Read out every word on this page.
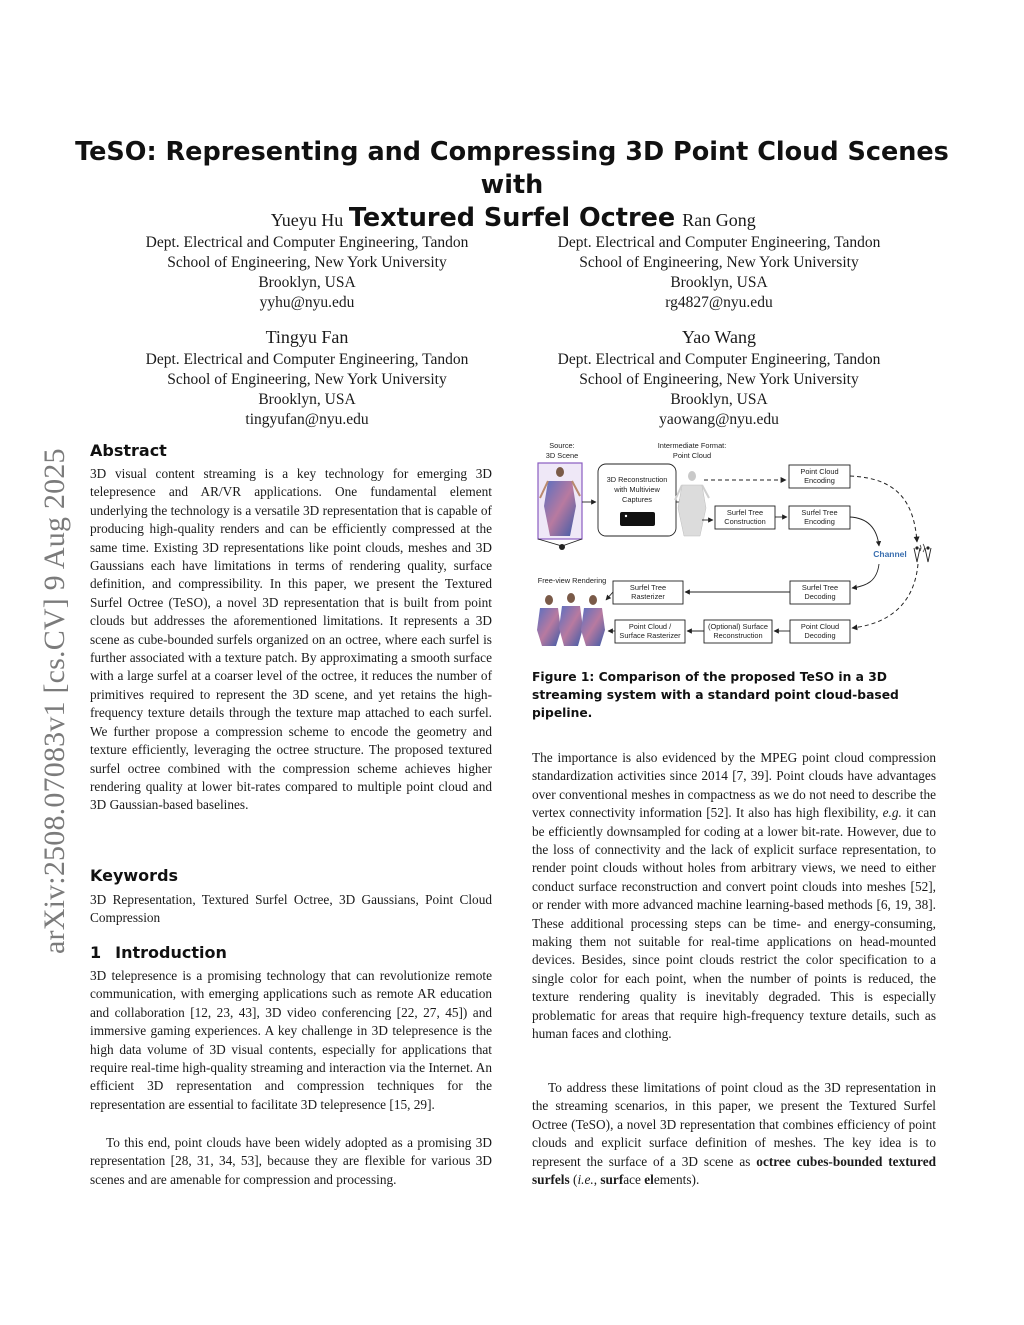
arXiv:2508.07083v1 [cs.CV] 9 Aug 2025
TeSO: Representing and Compressing 3D Point Cloud Scenes with
Textured Surfel Octree
Yueyu Hu
Dept. Electrical and Computer Engineering, Tandon
School of Engineering, New York University
Brooklyn, USA
yyhu@nyu.edu
Ran Gong
Dept. Electrical and Computer Engineering, Tandon
School of Engineering, New York University
Brooklyn, USA
rg4827@nyu.edu
Tingyu Fan
Dept. Electrical and Computer Engineering, Tandon
School of Engineering, New York University
Brooklyn, USA
tingyufan@nyu.edu
Yao Wang
Dept. Electrical and Computer Engineering, Tandon
School of Engineering, New York University
Brooklyn, USA
yaowang@nyu.edu
Abstract
3D visual content streaming is a key technology for emerging 3D telepresence and AR/VR applications. One fundamental element underlying the technology is a versatile 3D representation that is capable of producing high-quality renders and can be efficiently compressed at the same time. Existing 3D representations like point clouds, meshes and 3D Gaussians each have limitations in terms of rendering quality, surface definition, and compressibility. In this paper, we present the Textured Surfel Octree (TeSO), a novel 3D representation that is built from point clouds but addresses the aforementioned limitations. It represents a 3D scene as cube-bounded surfels organized on an octree, where each surfel is further associated with a texture patch. By approximating a smooth surface with a large surfel at a coarser level of the octree, it reduces the number of primitives required to represent the 3D scene, and yet retains the high-frequency texture details through the texture map attached to each surfel. We further propose a compression scheme to encode the geometry and texture efficiently, leveraging the octree structure. The proposed textured surfel octree combined with the compression scheme achieves higher rendering quality at lower bit-rates compared to multiple point cloud and 3D Gaussian-based baselines.
Keywords
3D Representation, Textured Surfel Octree, 3D Gaussians, Point Cloud Compression
1 Introduction
3D telepresence is a promising technology that can revolutionize remote communication, with emerging applications such as remote AR education and collaboration [12, 23, 43], 3D video conferencing [22, 27, 45]) and immersive gaming experiences. A key challenge in 3D telepresence is the high data volume of 3D visual contents, especially for applications that require real-time high-quality streaming and interaction via the Internet. An efficient 3D representation and compression techniques for the representation are essential to facilitate 3D telepresence [15, 29].
To this end, point clouds have been widely adopted as a promising 3D representation [28, 31, 34, 53], because they are flexible for various 3D scenes and are amenable for compression and processing.
Source:
3D Scene
Intermediate Format:
Point Cloud
3D Reconstruction
with Multiview
Captures
Point Cloud
Encoding
Surfel Tree
Construction
Surfel Tree
Encoding
Channel
Surfel Tree
Decoding
Surfel Tree
Rasterizer
Point Cloud
Decoding
(Optional) Surface
Reconstruction
Point Cloud /
Surface Rasterizer
Free-view Rendering
Figure 1: Comparison of the proposed TeSO in a 3D streaming system with a standard point cloud-based pipeline.
The importance is also evidenced by the MPEG point cloud compression standardization activities since 2014 [7, 39]. Point clouds have advantages over conventional meshes in compactness as we do not need to describe the vertex connectivity information [52]. It also has high flexibility, e.g. it can be efficiently downsampled for coding at a lower bit-rate. However, due to the loss of connectivity and the lack of explicit surface representation, to render point clouds without holes from arbitrary views, we need to either conduct surface reconstruction and convert point clouds into meshes [52], or render with more advanced machine learning-based methods [6, 19, 38]. These additional processing steps can be time- and energy-consuming, making them not suitable for real-time applications on head-mounted devices. Besides, since point clouds restrict the color specification to a single color for each point, when the number of points is reduced, the texture rendering quality is inevitably degraded. This is especially problematic for areas that require high-frequency texture details, such as human faces and clothing.
To address these limitations of point cloud as the 3D representation in the streaming scenarios, in this paper, we present the Textured Surfel Octree (TeSO), a novel 3D representation that combines efficiency of point clouds and explicit surface definition of meshes. The key idea is to represent the surface of a 3D scene as octree cubes-bounded textured surfels (i.e., surface elements).
